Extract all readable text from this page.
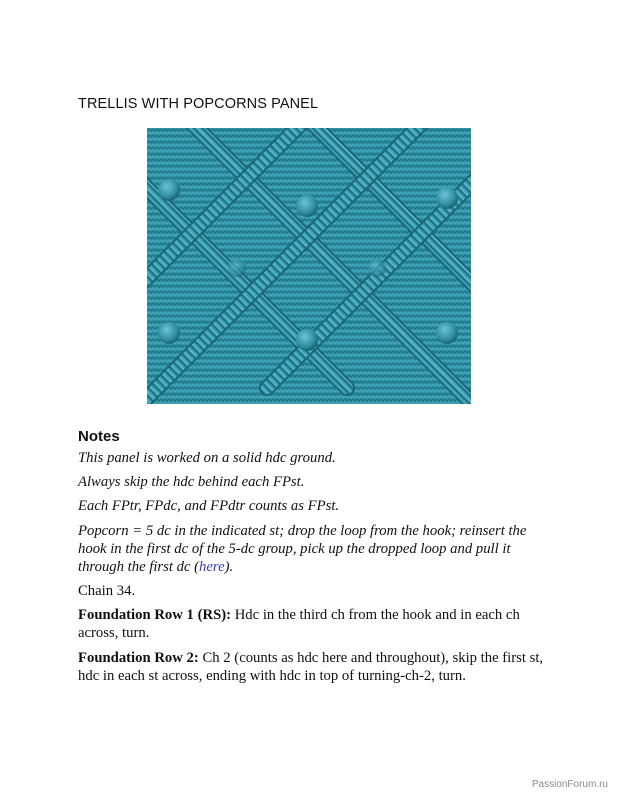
TRELLIS WITH POPCORNS PANEL
Notes
This panel is worked on a solid hdc ground.
Always skip the hdc behind each FPst.
Each FPtr, FPdc, and FPdtr counts as FPst.
Popcorn = 5 dc in the indicated st; drop the loop from the hook; reinsert the hook in the first dc of the 5-dc group, pick up the dropped loop and pull it through the first dc (here).
Chain 34.
Foundation Row 1 (RS): Hdc in the third ch from the hook and in each ch across, turn.
Foundation Row 2: Ch 2 (counts as hdc here and throughout), skip the first st, hdc in each st across, ending with hdc in top of turning-ch-2, turn.
PassionForum.ru
